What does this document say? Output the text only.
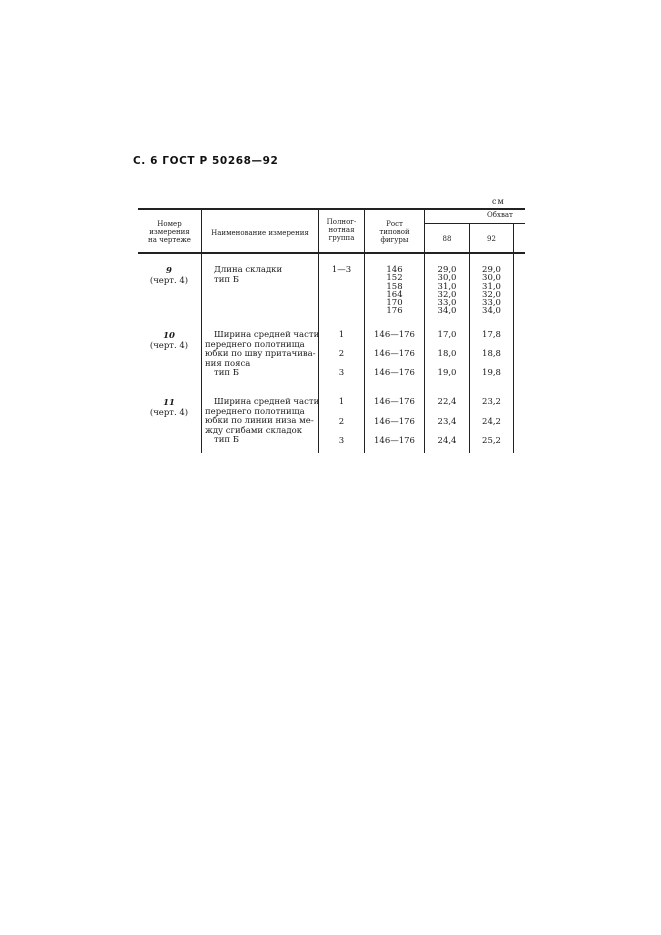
С. 6 ГОСТ Р 50268—92
см
Номер
измерения
на чертеже
Наименование измерения
Полног-
нотная
группа
Рост
типовой
фигуры
Обхват
88	92
9
(черт. 4)
Длина складки
тип Б
1—3	146
152
158
164
170
176
29,0
30,0
31,0
32,0
33,0
34,0
29,0
30,0
31,0
32,0
33,0
34,0
10
(черт. 4)
Ширина средней части
переднего полотнища
юбки по шву притачива-
ния пояса
тип Б
1
2
3
146—176
146—176
146—176
17,0
18,0
19,0
17,8
18,8
19,8
11
(черт. 4)
Ширина средней части
переднего полотнища
юбки по линии низа ме-
жду сгибами складок
тип Б
1
2
3
146—176
146—176
146—176
22,4
23,4
24,4
23,2
24,2
25,2
